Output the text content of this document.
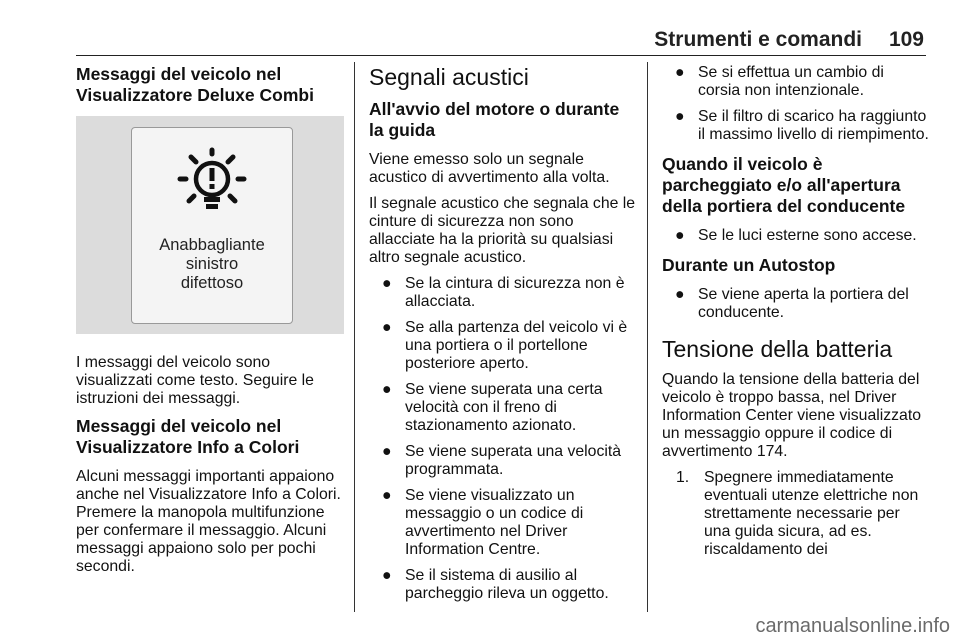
Strumenti e comandi 109
Messaggi del veicolo nel Visualizzatore Deluxe Combi
Anabbagliante
sinistro
difettoso

I messaggi del veicolo sono visualizzati come testo. Seguire le istruzioni dei messaggi.

Messaggi del veicolo nel Visualizzatore Info a Colori

Alcuni messaggi importanti appaiono anche nel Visualizzatore Info a Colori. Premere la manopola multifunzione per confermare il messaggio. Alcuni messaggi appaiono solo per pochi secondi.

Segnali acustici
All'avvio del motore o durante la guida

Viene emesso solo un segnale acustico di avvertimento alla volta.

Il segnale acustico che segnala che le cinture di sicurezza non sono allacciate ha la priorità su qualsiasi altro segnale acustico.

● Se la cintura di sicurezza non è allacciata.
● Se alla partenza del veicolo vi è una portiera o il portellone posteriore aperto.
● Se viene superata una certa velocità con il freno di stazionamento azionato.
● Se viene superata una velocità programmata.
● Se viene visualizzato un messaggio o un codice di avvertimento nel Driver Information Centre.
● Se il sistema di ausilio al parcheggio rileva un oggetto.
● Se si effettua un cambio di corsia non intenzionale.
● Se il filtro di scarico ha raggiunto il massimo livello di riempimento.
Quando il veicolo è parcheggiato e/o all'apertura della portiera del conducente
● Se le luci esterne sono accese.
Durante un Autostop
● Se viene aperta la portiera del conducente.
Tensione della batteria

Quando la tensione della batteria del veicolo è troppo bassa, nel Driver Information Center viene visualizzato un messaggio oppure il codice di avvertimento 174.

1. Spegnere immediatamente eventuali utenze elettriche non strettamente necessarie per una guida sicura, ad es. riscaldamento dei
carmanualsonline.info
